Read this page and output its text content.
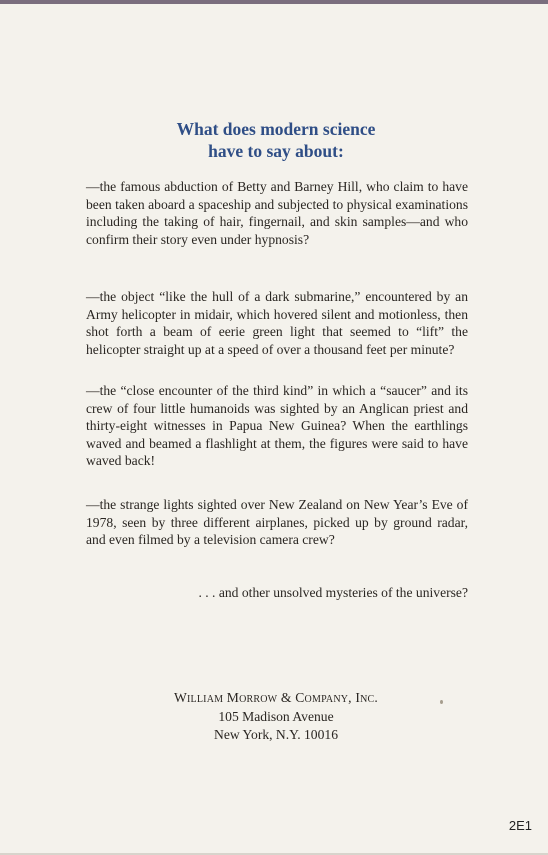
What does modern science
have to say about:
—the famous abduction of Betty and Barney Hill, who claim to have been taken aboard a spaceship and subjected to physical examinations including the taking of hair, fingernail, and skin samples—and who confirm their story even under hypnosis?
—the object “like the hull of a dark submarine,” encountered by an Army helicopter in midair, which hovered silent and motionless, then shot forth a beam of eerie green light that seemed to “lift” the helicopter straight up at a speed of over a thousand feet per minute?
—the “close encounter of the third kind” in which a “saucer” and its crew of four little humanoids was sighted by an Anglican priest and thirty-eight witnesses in Papua New Guinea? When the earthlings waved and beamed a flashlight at them, the figures were said to have waved back!
—the strange lights sighted over New Zealand on New Year’s Eve of 1978, seen by three different airplanes, picked up by ground radar, and even filmed by a television camera crew?
. . . and other unsolved mysteries of the universe?
William Morrow & Company, Inc.
105 Madison Avenue
New York, N.Y. 10016
2E1
